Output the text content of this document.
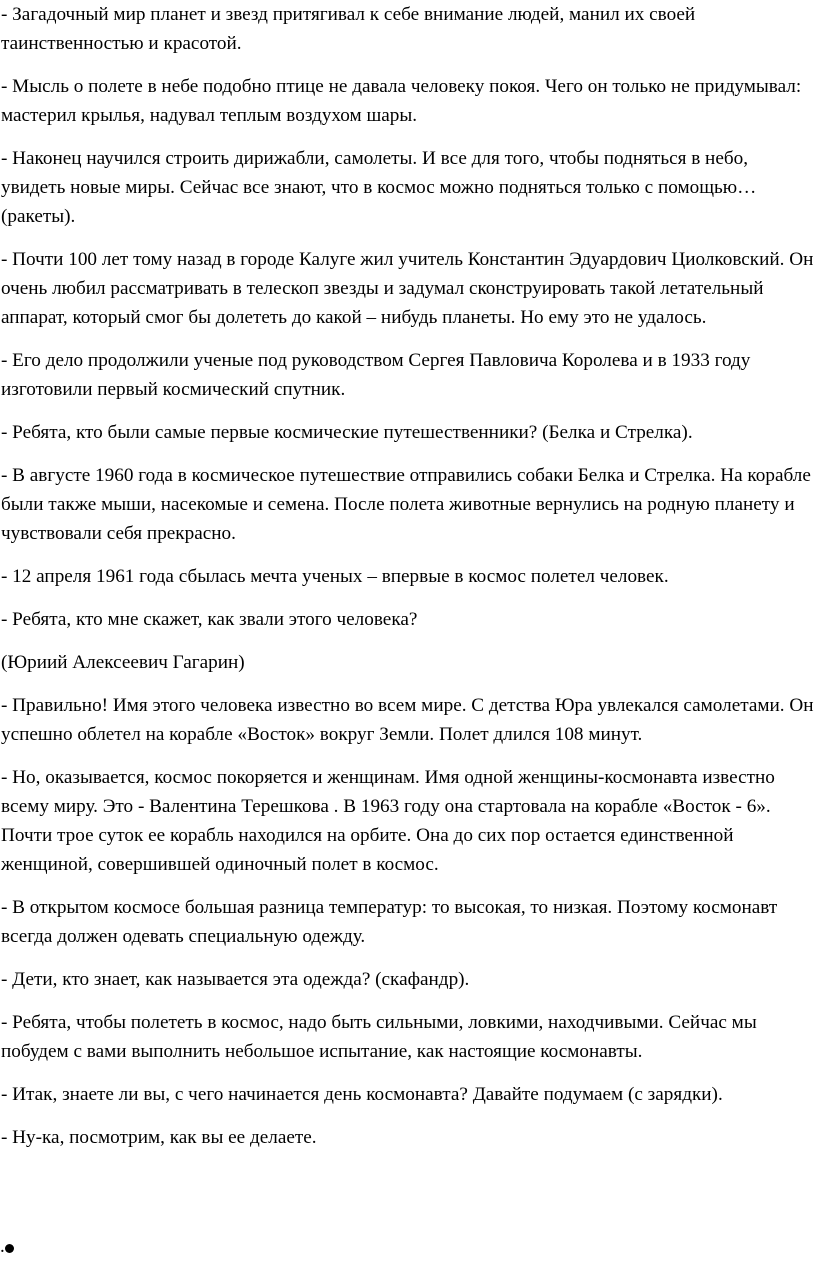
- Загадочный мир планет и звезд притягивал к себе внимание людей, манил их своей таинственностью и красотой.

- Мысль о полете в небе подобно птице не давала человеку покоя. Чего он только не придумывал: мастерил крылья, надувал теплым воздухом шары.

- Наконец научился строить дирижабли, самолеты. И все для того, чтобы подняться в небо, увидеть новые миры. Сейчас все знают, что в космос можно подняться только с помощью… (ракеты).

- Почти 100 лет тому назад в городе Калуге жил учитель Константин Эдуардович Циолковский. Он очень любил рассматривать в телескоп звезды и задумал сконструировать такой летательный аппарат, который смог бы долететь до какой – нибудь планеты. Но ему это не удалось.

- Его дело продолжили ученые под руководством Сергея Павловича Королева и в 1933 году изготовили первый космический спутник.

- Ребята, кто были самые первые космические путешественники? (Белка и Стрелка).

- В августе 1960 года в космическое путешествие отправились собаки Белка и Стрелка. На корабле были также мыши, насекомые и семена. После полета животные вернулись на родную планету и чувствовали себя прекрасно.

- 12 апреля 1961 года сбылась мечта ученых – впервые в космос полетел человек.

- Ребята, кто мне скажет, как звали этого человека?

(Юриий Алексеевич Гагарин)

- Правильно! Имя этого человека известно во всем мире. С детства Юра увлекался самолетами. Он успешно облетел на корабле «Восток» вокруг Земли. Полет длился 108 минут.

- Но, оказывается, космос покоряется и женщинам. Имя одной женщины-космонавта известно всему миру. Это - Валентина Терешкова . В 1963 году она стартовала на корабле «Восток - 6». Почти трое суток ее корабль находился на орбите. Она до сих пор остается единственной женщиной, совершившей одиночный полет в космос.

- В открытом космосе большая разница температур: то высокая, то низкая. Поэтому космонавт всегда должен одевать специальную одежду.

- Дети, кто знает, как называется эта одежда? (скафандр).

- Ребята, чтобы полететь в космос, надо быть сильными, ловкими, находчивыми. Сейчас мы побудем с вами выполнить небольшое испытание, как настоящие космонавты.

- Итак, знаете ли вы, с чего начинается день космонавта? Давайте подумаем (с зарядки).

- Ну-ка, посмотрим, как вы ее делаете.

.
